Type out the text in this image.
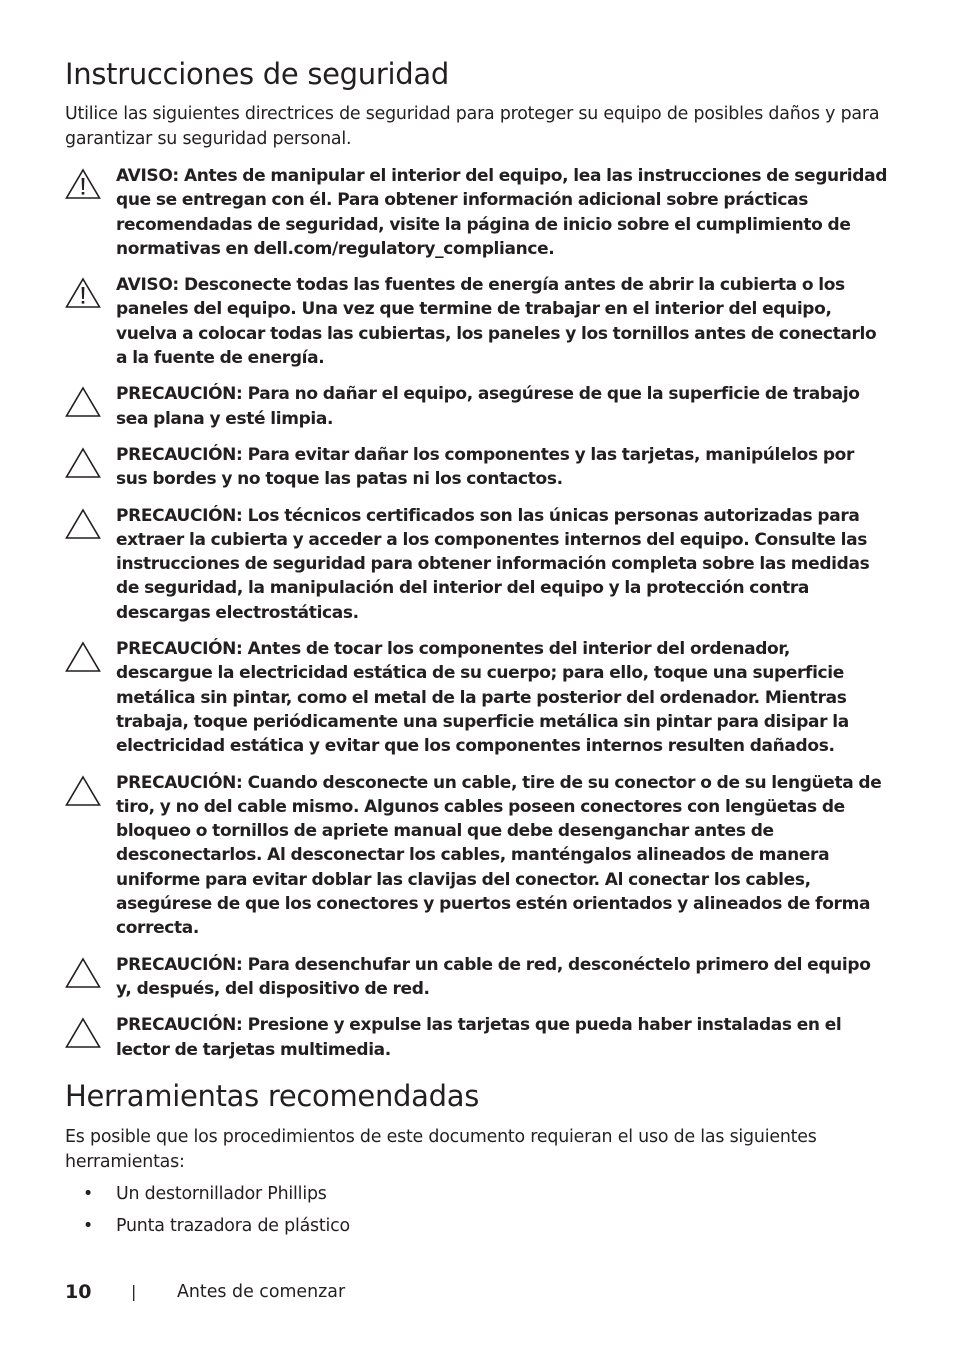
Instrucciones de seguridad
Utilice las siguientes directrices de seguridad para proteger su equipo de posibles daños y para garantizar su seguridad personal.
AVISO: Antes de manipular el interior del equipo, lea las instrucciones de seguridad que se entregan con él. Para obtener información adicional sobre prácticas recomendadas de seguridad, visite la página de inicio sobre el cumplimiento de normativas en dell.com/regulatory_compliance.
AVISO: Desconecte todas las fuentes de energía antes de abrir la cubierta o los paneles del equipo. Una vez que termine de trabajar en el interior del equipo, vuelva a colocar todas las cubiertas, los paneles y los tornillos antes de conectarlo a la fuente de energía.
PRECAUCIÓN: Para no dañar el equipo, asegúrese de que la superficie de trabajo sea plana y esté limpia.
PRECAUCIÓN: Para evitar dañar los componentes y las tarjetas, manipúlelos por sus bordes y no toque las patas ni los contactos.
PRECAUCIÓN: Los técnicos certificados son las únicas personas autorizadas para extraer la cubierta y acceder a los componentes internos del equipo. Consulte las instrucciones de seguridad para obtener información completa sobre las medidas de seguridad, la manipulación del interior del equipo y la protección contra descargas electrostáticas.
PRECAUCIÓN: Antes de tocar los componentes del interior del ordenador, descargue la electricidad estática de su cuerpo; para ello, toque una superficie metálica sin pintar, como el metal de la parte posterior del ordenador. Mientras trabaja, toque periódicamente una superficie metálica sin pintar para disipar la electricidad estática y evitar que los componentes internos resulten dañados.
PRECAUCIÓN: Cuando desconecte un cable, tire de su conector o de su lengüeta de tiro, y no del cable mismo. Algunos cables poseen conectores con lengüetas de bloqueo o tornillos de apriete manual que debe desenganchar antes de desconectarlos. Al desconectar los cables, manténgalos alineados de manera uniforme para evitar doblar las clavijas del conector. Al conectar los cables, asegúrese de que los conectores y puertos estén orientados y alineados de forma correcta.
PRECAUCIÓN: Para desenchufar un cable de red, desconéctelo primero del equipo y, después, del dispositivo de red.
PRECAUCIÓN: Presione y expulse las tarjetas que pueda haber instaladas en el lector de tarjetas multimedia.
Herramientas recomendadas
Es posible que los procedimientos de este documento requieran el uso de las siguientes herramientas:
• Un destornillador Phillips
• Punta trazadora de plástico
10	|	Antes de comenzar
